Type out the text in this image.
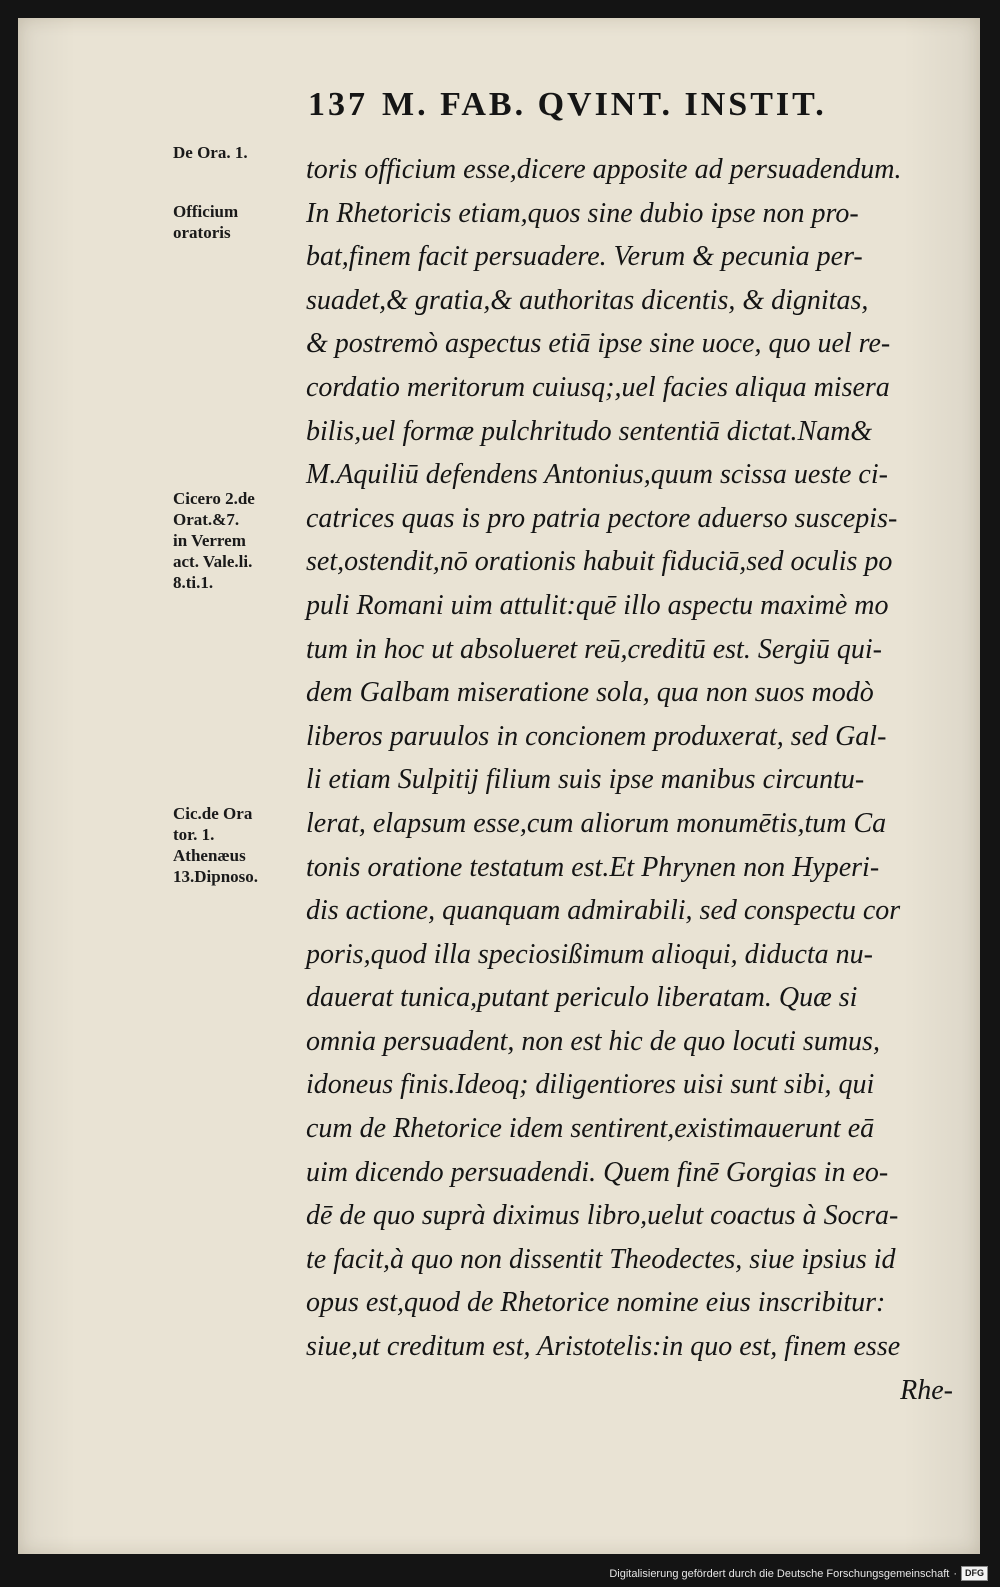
137 M. FAB. QVINT. INSTIT.
toris officium esse,dicere apposite ad persuadendum.
In Rhetoricis etiam,quos sine dubio ipse non pro-
bat,finem facit persuadere. Verum & pecunia per-
suadet,& gratia,& authoritas dicentis, & dignitas,
& postremò aspectus etiā ipse sine uoce, quo uel re-
cordatio meritorum cuiusq;,uel facies aliqua misera
bilis,uel formæ pulchritudo sententiā dictat.Nam&
M.Aquiliū defendens Antonius,quum scissa ueste ci-
catrices quas is pro patria pectore aduerso suscepis-
set,ostendit,nō orationis habuit fiduciā,sed oculis po
puli Romani uim attulit:quē illo aspectu maximè mo
tum in hoc ut absolueret reū,creditū est. Sergiū qui-
dem Galbam miseratione sola, qua non suos modò
liberos paruulos in concionem produxerat, sed Gal-
li etiam Sulpitij filium suis ipse manibus circuntu-
lerat, elapsum esse,cum aliorum monumētis,tum Ca
tonis oratione testatum est.Et Phrynen non Hyperi-
dis actione, quanquam admirabili, sed conspectu cor
poris,quod illa speciosißimum alioqui, diducta nu-
dauerat tunica,putant periculo liberatam. Quæ si
omnia persuadent, non est hic de quo locuti sumus,
idoneus finis.Ideoq; diligentiores uisi sunt sibi, qui
cum de Rhetorice idem sentirent,existimauerunt eā
uim dicendo persuadendi. Quem finē Gorgias in eo-
dē de quo suprà diximus libro,uelut coactus à Socra-
te facit,à quo non dissentit Theodectes, siue ipsius id
opus est,quod de Rhetorice nomine eius inscribitur:
siue,ut creditum est, Aristotelis:in quo est, finem esse
Rhe-
De Ora. 1.
Officium
oratoris
Cicero 2.de
Orat.&7.
in Verrem
act. Vale.li.
8.ti.1.
Cic.de Ora
tor. 1.
Athenæus
13.Dipnoso.
Digitalisierung gefördert durch die Deutsche Forschungsgemeinschaft · DFG
